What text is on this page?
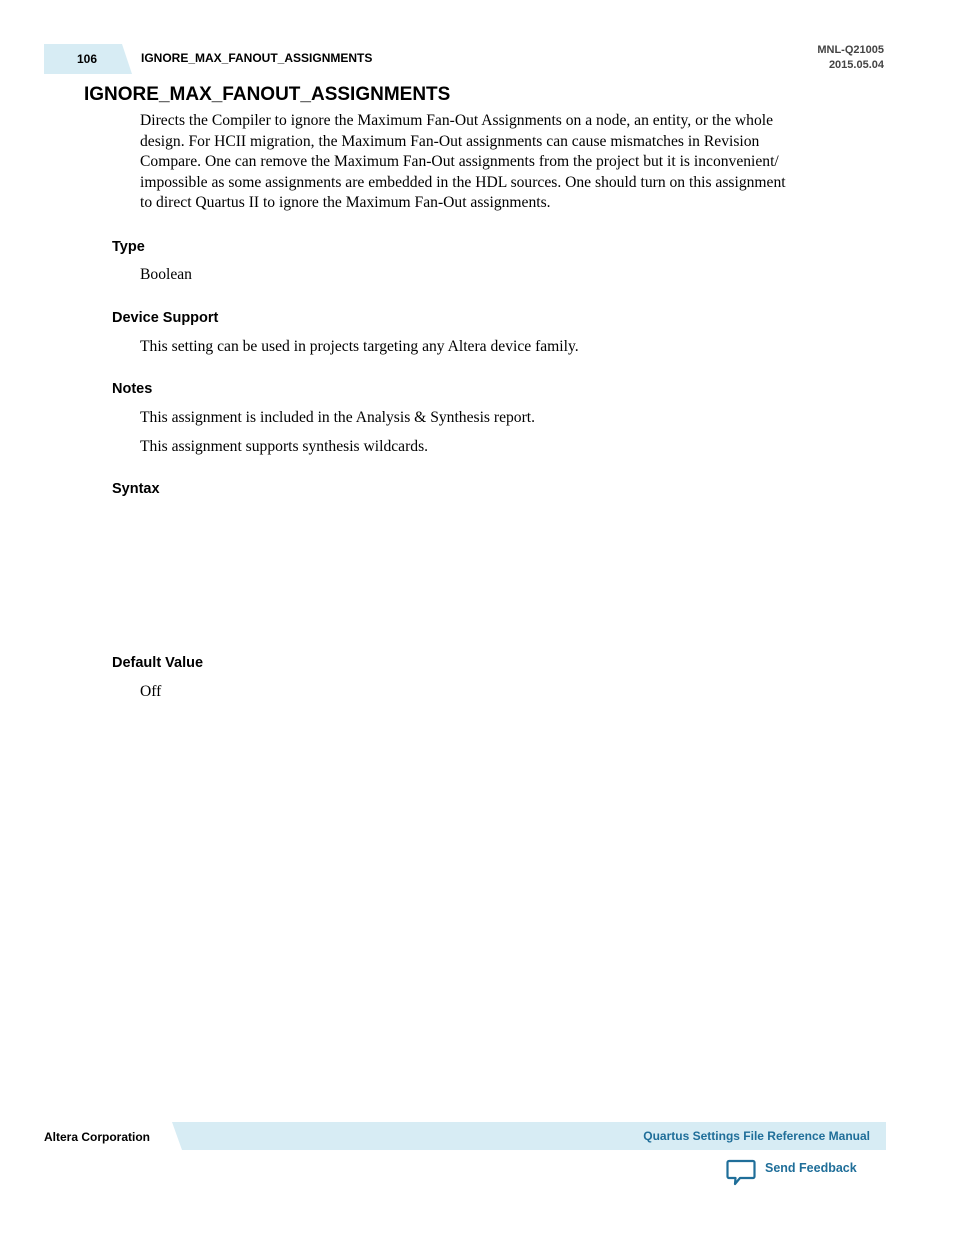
106	IGNORE_MAX_FANOUT_ASSIGNMENTS
MNL-Q21005
2015.05.04
IGNORE_MAX_FANOUT_ASSIGNMENTS
Directs the Compiler to ignore the Maximum Fan-Out Assignments on a node, an entity, or the whole
design. For HCII migration, the Maximum Fan-Out assignments can cause mismatches in Revision
Compare. One can remove the Maximum Fan-Out assignments from the project but it is inconvenient/
impossible as some assignments are embedded in the HDL sources. One should turn on this assignment
to direct Quartus II to ignore the Maximum Fan-Out assignments.
Type

Boolean

Device Support

This setting can be used in projects targeting any Altera device family.

Notes

This assignment is included in the Analysis & Synthesis report.

This assignment supports synthesis wildcards.

Syntax
Default Value

Off

Altera Corporation	Quartus Settings File Reference Manual
Send Feedback
